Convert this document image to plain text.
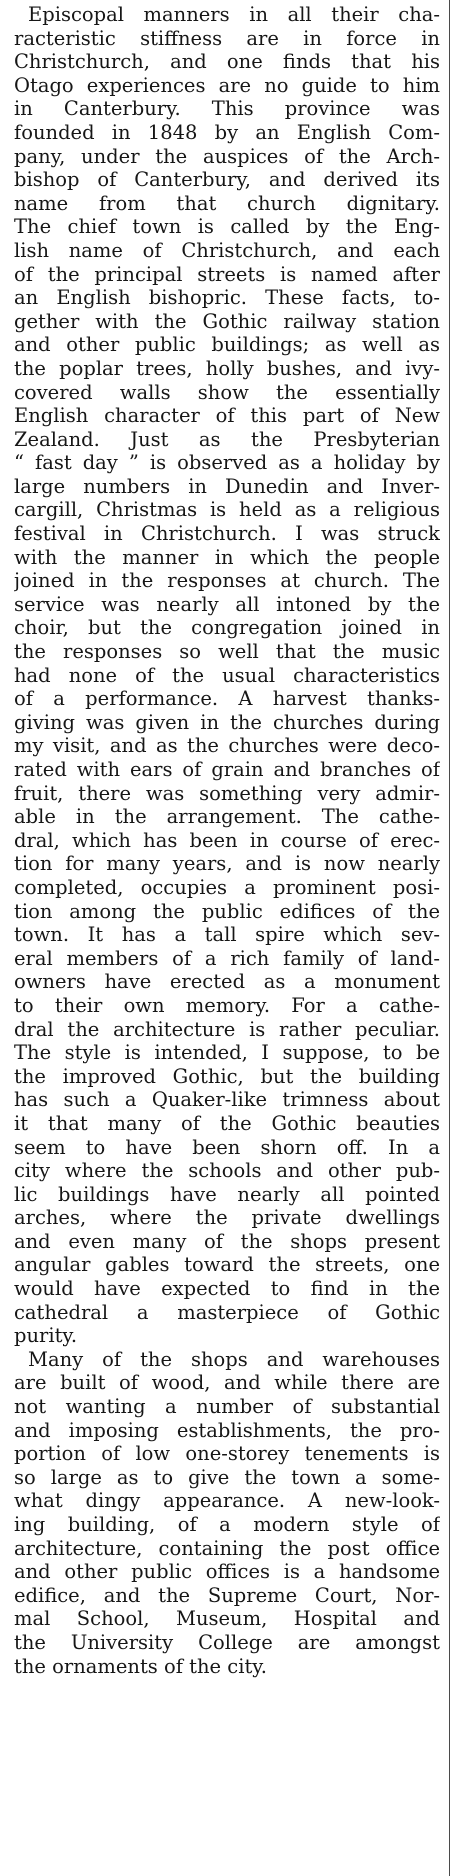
Episcopal manners in all their cha-
racteristic stiffness are in force in
Christchurch, and one finds that his
Otago experiences are no guide to him
in Canterbury. This province was
founded in 1848 by an English Com-
pany, under the auspices of the Arch-
bishop of Canterbury, and derived its
name from that church dignitary.
The chief town is called by the Eng-
lish name of Christchurch, and each
of the principal streets is named after
an English bishopric. These facts, to-
gether with the Gothic railway station
and other public buildings; as well as
the poplar trees, holly bushes, and ivy-
covered walls show the essentially
English character of this part of New
Zealand. Just as the Presbyterian
“ fast day ” is observed as a holiday by
large numbers in Dunedin and Inver-
cargill, Christmas is held as a religious
festival in Christchurch. I was struck
with the manner in which the people
joined in the responses at church. The
service was nearly all intoned by the
choir, but the congregation joined in
the responses so well that the music
had none of the usual characteristics
of a performance. A harvest thanks-
giving was given in the churches during
my visit, and as the churches were deco-
rated with ears of grain and branches of
fruit, there was something very admir-
able in the arrangement. The cathe-
dral, which has been in course of erec-
tion for many years, and is now nearly
completed, occupies a prominent posi-
tion among the public edifices of the
town. It has a tall spire which sev-
eral members of a rich family of land-
owners have erected as a monument
to their own memory. For a cathe-
dral the architecture is rather peculiar.
The style is intended, I suppose, to be
the improved Gothic, but the building
has such a Quaker-like trimness about
it that many of the Gothic beauties
seem to have been shorn off. In a
city where the schools and other pub-
lic buildings have nearly all pointed
arches, where the private dwellings
and even many of the shops present
angular gables toward the streets, one
would have expected to find in the
cathedral a masterpiece of Gothic
purity.
Many of the shops and warehouses
are built of wood, and while there are
not wanting a number of substantial
and imposing establishments, the pro-
portion of low one-storey tenements is
so large as to give the town a some-
what dingy appearance. A new-look-
ing building, of a modern style of
architecture, containing the post office
and other public offices is a handsome
edifice, and the Supreme Court, Nor-
mal School, Museum, Hospital and
the University College are amongst
the ornaments of the city.
